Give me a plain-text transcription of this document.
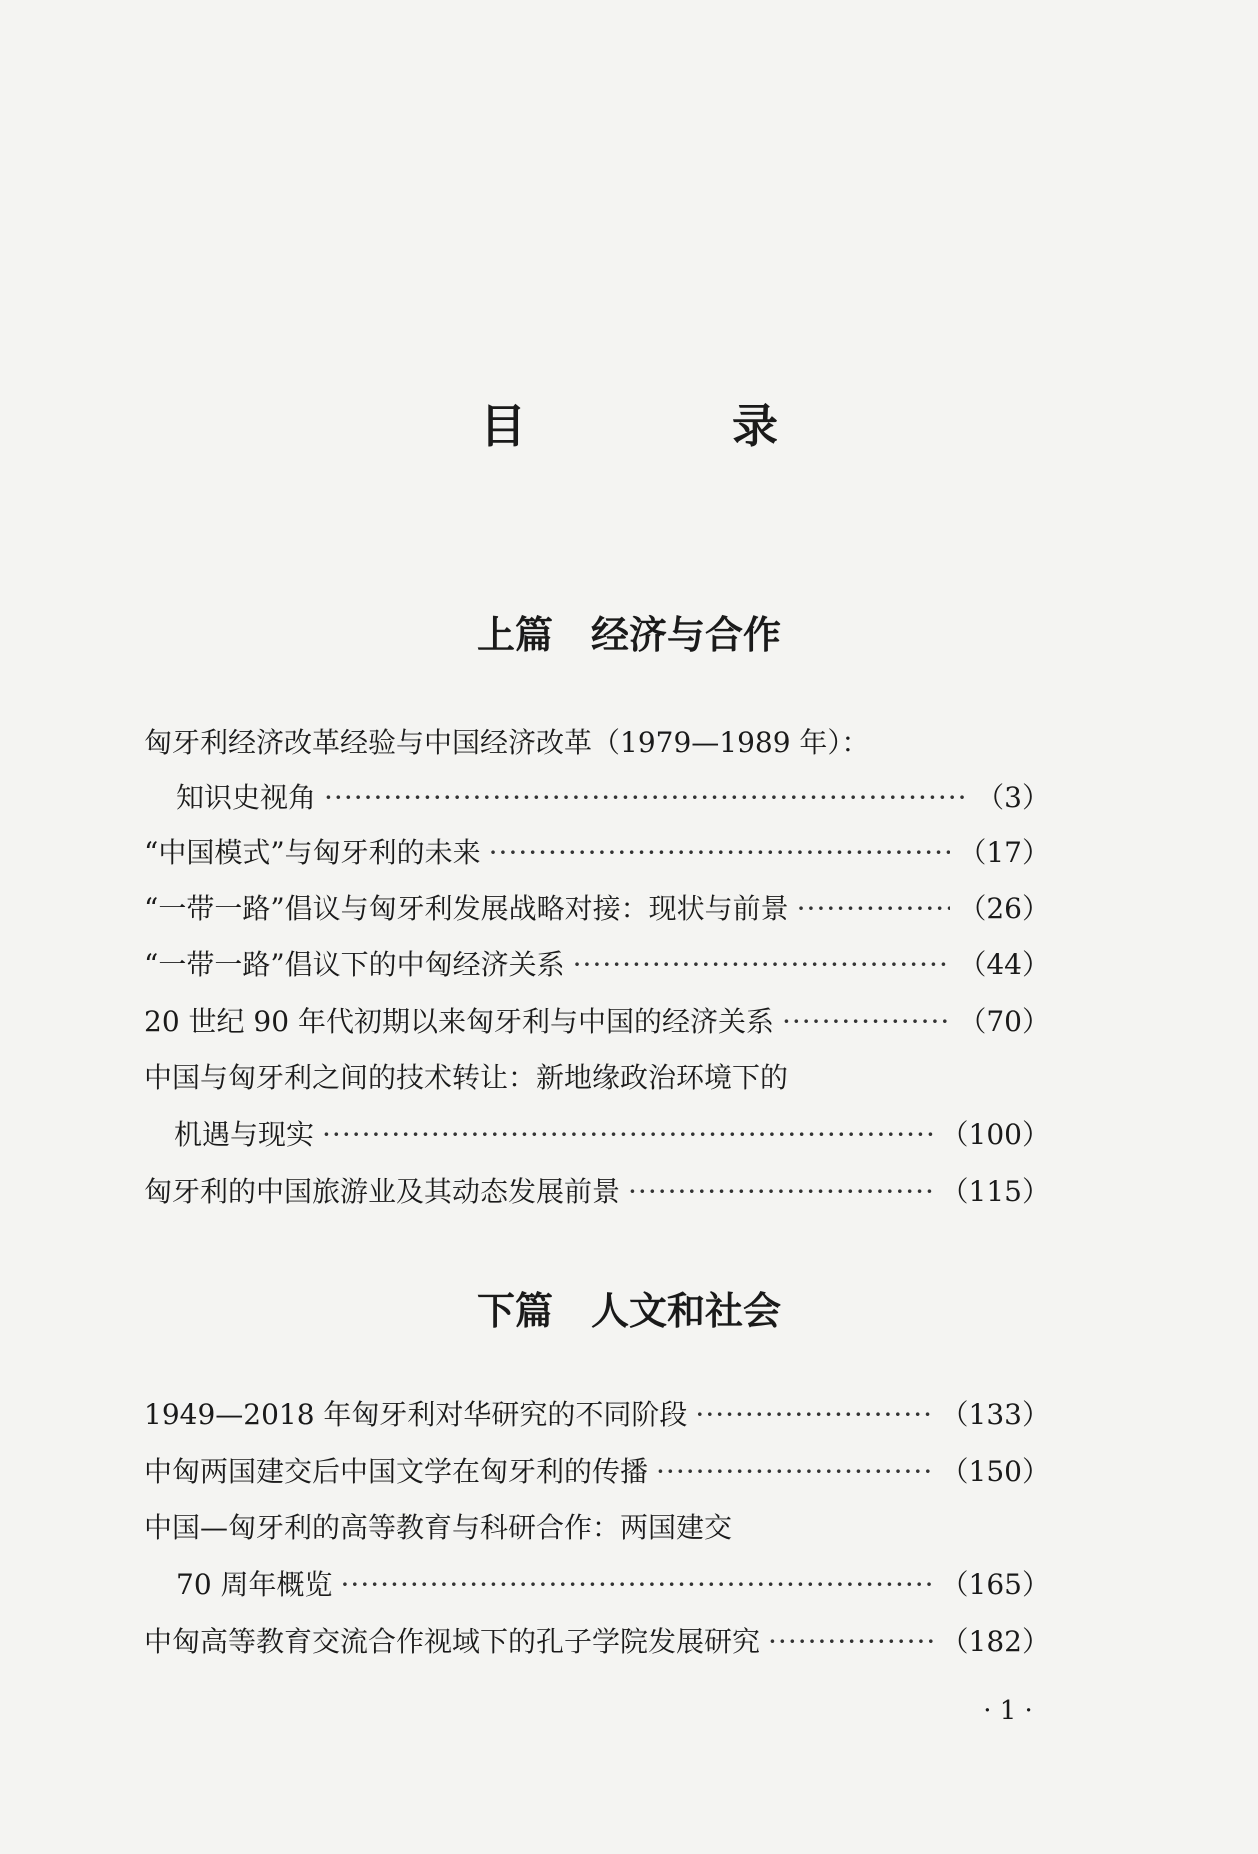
目　录
上篇　经济与合作
匈牙利经济改革经验与中国经济改革（1979—1989 年）：
知识史视角 ·····	（3）
“中国模式”与匈牙利的未来 ·····	（17）
“一带一路”倡议与匈牙利发展战略对接：现状与前景 ·····	（26）
“一带一路”倡议下的中匈经济关系 ·····	（44）
20 世纪 90 年代初期以来匈牙利与中国的经济关系 ·····	（70）
中国与匈牙利之间的技术转让：新地缘政治环境下的
机遇与现实 ·····	（100）
匈牙利的中国旅游业及其动态发展前景 ·····	（115）
下篇　人文和社会
1949—2018 年匈牙利对华研究的不同阶段 ·····	（133）
中匈两国建交后中国文学在匈牙利的传播 ·····	（150）
中国—匈牙利的高等教育与科研合作：两国建交
70 周年概览 ·····	（165）
中匈高等教育交流合作视域下的孔子学院发展研究 ·····	（182）
· 1 ·
